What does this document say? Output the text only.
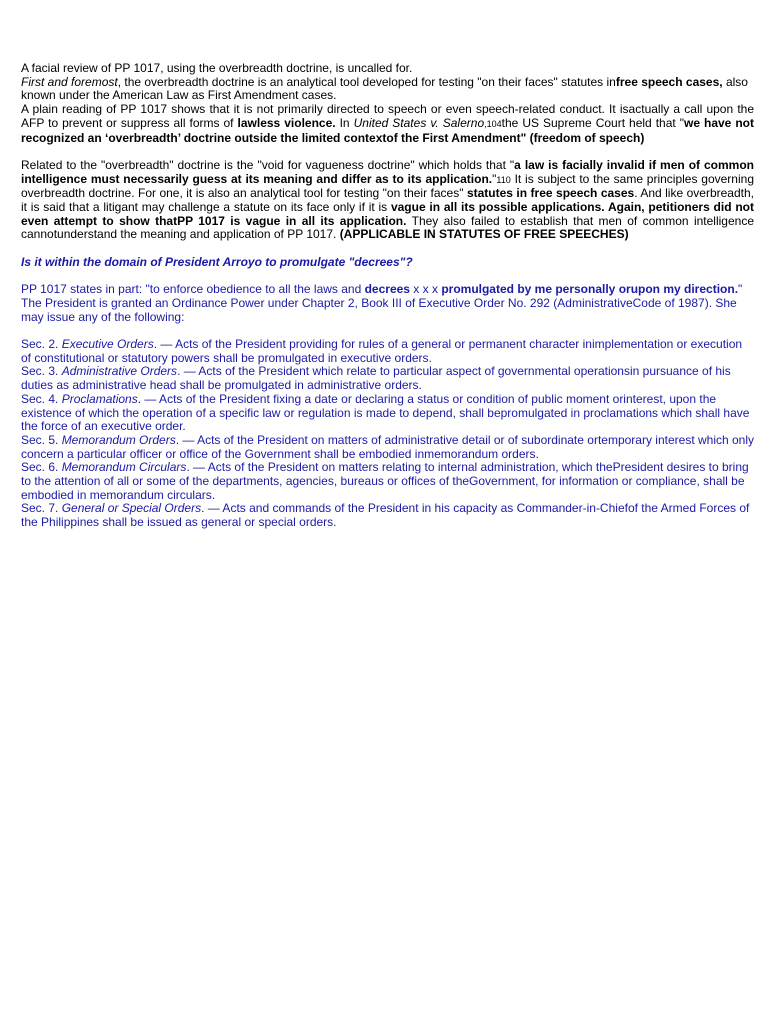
A facial review of PP 1017, using the overbreadth doctrine, is uncalled for.

First and foremost, the overbreadth doctrine is an analytical tool developed for testing "on their faces" statutes infree speech cases, also known under the American Law as First Amendment cases.

A plain reading of PP 1017 shows that it is not primarily directed to speech or even speech-related conduct. It isactually a call upon the AFP to prevent or suppress all forms of lawless violence. In United States v. Salerno,104the US Supreme Court held that "we have not recognized an ‘overbreadth’ doctrine outside the limited contextof the First Amendment" (freedom of speech)

Related to the "overbreadth" doctrine is the "void for vagueness doctrine" which holds that "a law is facially invalid if men of common intelligence must necessarily guess at its meaning and differ as to its application."110 It is subject to the same principles governing overbreadth doctrine. For one, it is also an analytical tool for testing "on their faces" statutes in free speech cases. And like overbreadth, it is said that a litigant may challenge a statute on its face only if it is vague in all its possible applications. Again, petitioners did not even attempt to show thatPP 1017 is vague in all its application. They also failed to establish that men of common intelligence cannotunderstand the meaning and application of PP 1017. (APPLICABLE IN STATUTES OF FREE SPEECHES)

Is it within the domain of President Arroyo to promulgate "decrees"?

PP 1017 states in part: "to enforce obedience to all the laws and decrees x x x promulgated by me personally orupon my direction."

The President is granted an Ordinance Power under Chapter 2, Book III of Executive Order No. 292 (AdministrativeCode of 1987). She may issue any of the following:

Sec. 2. Executive Orders. — Acts of the President providing for rules of a general or permanent character inimplementation or execution of constitutional or statutory powers shall be promulgated in executive orders.

Sec. 3. Administrative Orders. — Acts of the President which relate to particular aspect of governmental operationsin pursuance of his duties as administrative head shall be promulgated in administrative orders.

Sec. 4. Proclamations. — Acts of the President fixing a date or declaring a status or condition of public moment orinterest, upon the existence of which the operation of a specific law or regulation is made to depend, shall bepromulgated in proclamations which shall have the force of an executive order.

Sec. 5. Memorandum Orders. — Acts of the President on matters of administrative detail or of subordinate ortemporary interest which only concern a particular officer or office of the Government shall be embodied inmemorandum orders.

Sec. 6. Memorandum Circulars. — Acts of the President on matters relating to internal administration, which thePresident desires to bring to the attention of all or some of the departments, agencies, bureaus or offices of theGovernment, for information or compliance, shall be embodied in memorandum circulars.

Sec. 7. General or Special Orders. — Acts and commands of the President in his capacity as Commander-in-Chiefof the Armed Forces of the Philippines shall be issued as general or special orders.
